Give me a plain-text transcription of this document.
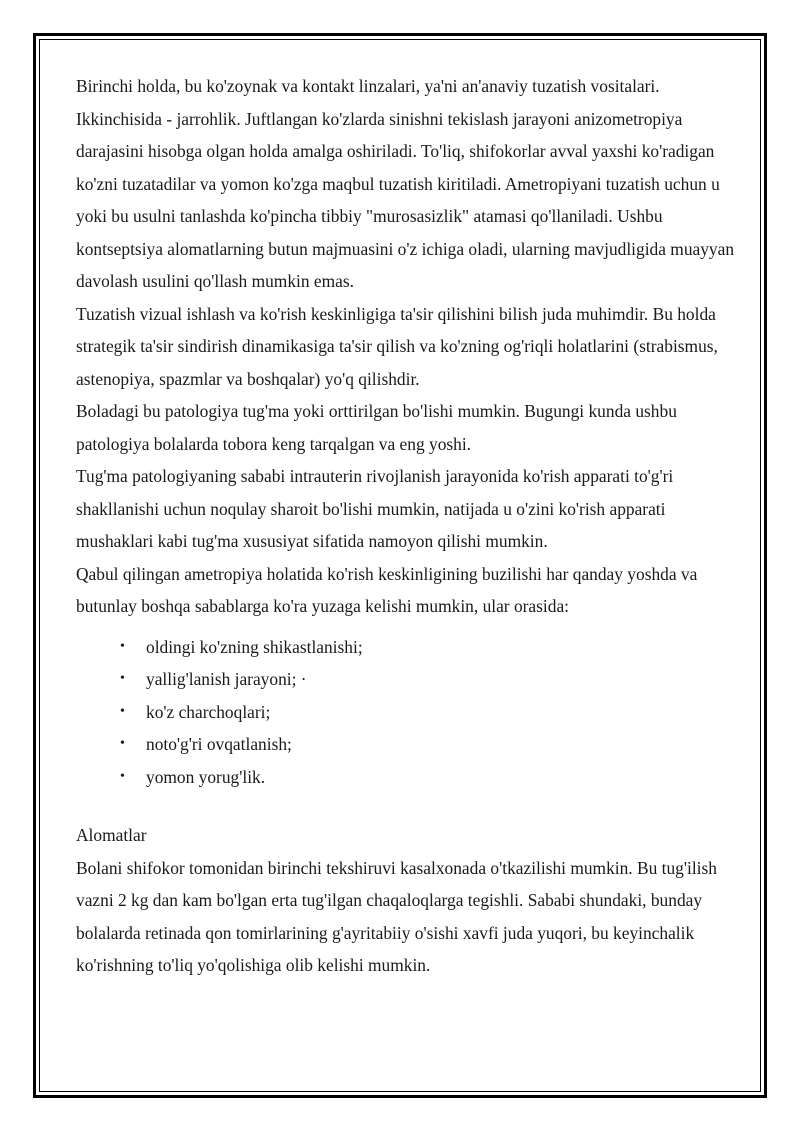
Birinchi holda, bu ko'zoynak va kontakt linzalari, ya'ni an'anaviy tuzatish vositalari. Ikkinchisida - jarrohlik. Juftlangan ko'zlarda sinishni tekislash jarayoni anizometropiya darajasini hisobga olgan holda amalga oshiriladi. To'liq, shifokorlar avval yaxshi ko'radigan ko'zni tuzatadilar va yomon ko'zga maqbul tuzatish kiritiladi. Ametropiyani tuzatish uchun u yoki bu usulni tanlashda ko'pincha tibbiy "murosasizlik" atamasi qo'llaniladi. Ushbu kontseptsiya alomatlarning butun majmuasini o'z ichiga oladi, ularning mavjudligida muayyan davolash usulini qo'llash mumkin emas.

Tuzatish vizual ishlash va ko'rish keskinligiga ta'sir qilishini bilish juda muhimdir. Bu holda strategik ta'sir sindirish dinamikasiga ta'sir qilish va ko'zning og'riqli holatlarini (strabismus, astenopiya, spazmlar va boshqalar) yo'q qilishdir.

Boladagi bu patologiya tug'ma yoki orttirilgan bo'lishi mumkin. Bugungi kunda ushbu patologiya bolalarda tobora keng tarqalgan va eng yoshi.

Tug'ma patologiyaning sababi intrauterin rivojlanish jarayonida ko'rish apparati to'g'ri shakllanishi uchun noqulay sharoit bo'lishi mumkin, natijada u o'zini ko'rish apparati mushaklari kabi tug'ma xususiyat sifatida namoyon qilishi mumkin.

Qabul qilingan ametropiya holatida ko'rish keskinligining buzilishi har qanday yoshda va butunlay boshqa sabablarga ko'ra yuzaga kelishi mumkin, ular orasida:

• oldingi ko'zning shikastlanishi;
• yallig'lanish jarayoni; ·
• ko'z charchoqlari;
• noto'g'ri ovqatlanish;
• yomon yorug'lik.

Alomatlar

Bolani shifokor tomonidan birinchi tekshiruvi kasalxonada o'tkazilishi mumkin. Bu tug'ilish vazni 2 kg dan kam bo'lgan erta tug'ilgan chaqaloqlarga tegishli. Sababi shundaki, bunday bolalarda retinada qon tomirlarining g'ayritabiiy o'sishi xavfi juda yuqori, bu keyinchalik ko'rishning to'liq yo'qolishiga olib kelishi mumkin.
